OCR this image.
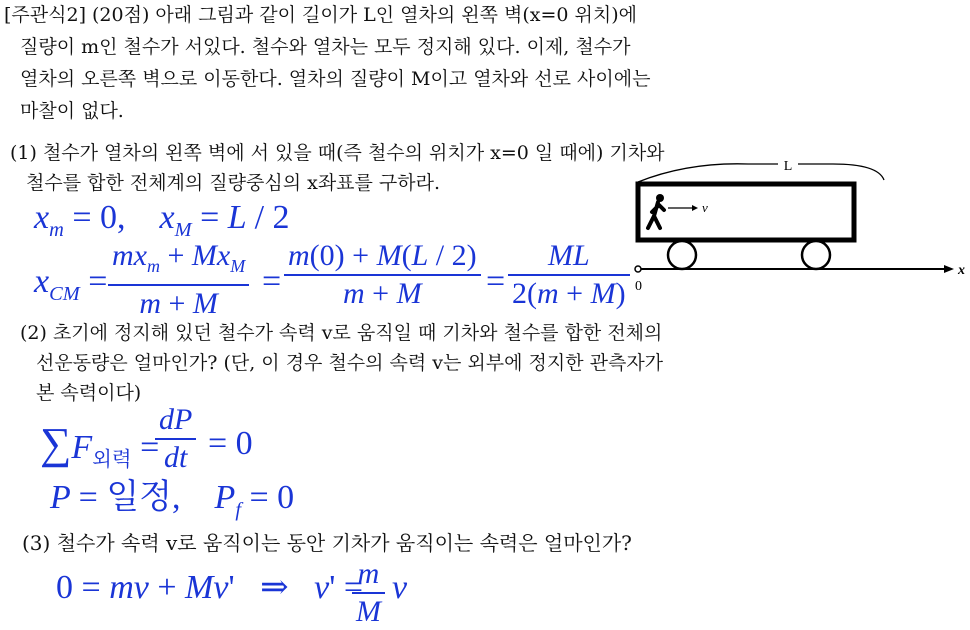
[주관식2] (20점) 아래 그림과 같이 길이가 L인 열차의 왼쪽 벽(x=0 위치)에
질량이 m인 철수가 서있다. 철수와 열차는 모두 정지해 있다. 이제, 철수가
열차의 오른쪽 벽으로 이동한다. 열차의 질량이 M이고 열차와 선로 사이에는
마찰이 없다.
(1) 철수가 열차의 왼쪽 벽에 서 있을 때(즉 철수의 위치가 x=0 일 때에) 기차와
철수를 합한 전체계의 질량중심의 x좌표를 구하라.
$x_m = 0$, $x_M = L / 2$
$x_{CM}$ =
$mx_m + Mx_M$
m + M
= $\frac{m(0) + M(L / 2)}{m + M} = \frac{ML}{2(m + M)}$
L
v
x
0
(2) 초기에 정지해 있던 철수가 속력 v로 움직일 때 기차와 철수를 합한 전체의
선운동량은 얼마인가? (단, 이 경우 철수의 속력 v는 외부에 정지한 관측자가
본 속력이다)
$\sum F_{외력}$ =
$\frac{dP}{dt} = 0$
P = 일정,    $P_f = 0$
(3) 철수가 속력 v로 움직이는 동안 기차가 움직이는 속력은 얼마인가?
0 = mv + Mv' ⇒   v' =
$\frac{m}{M}$ v
